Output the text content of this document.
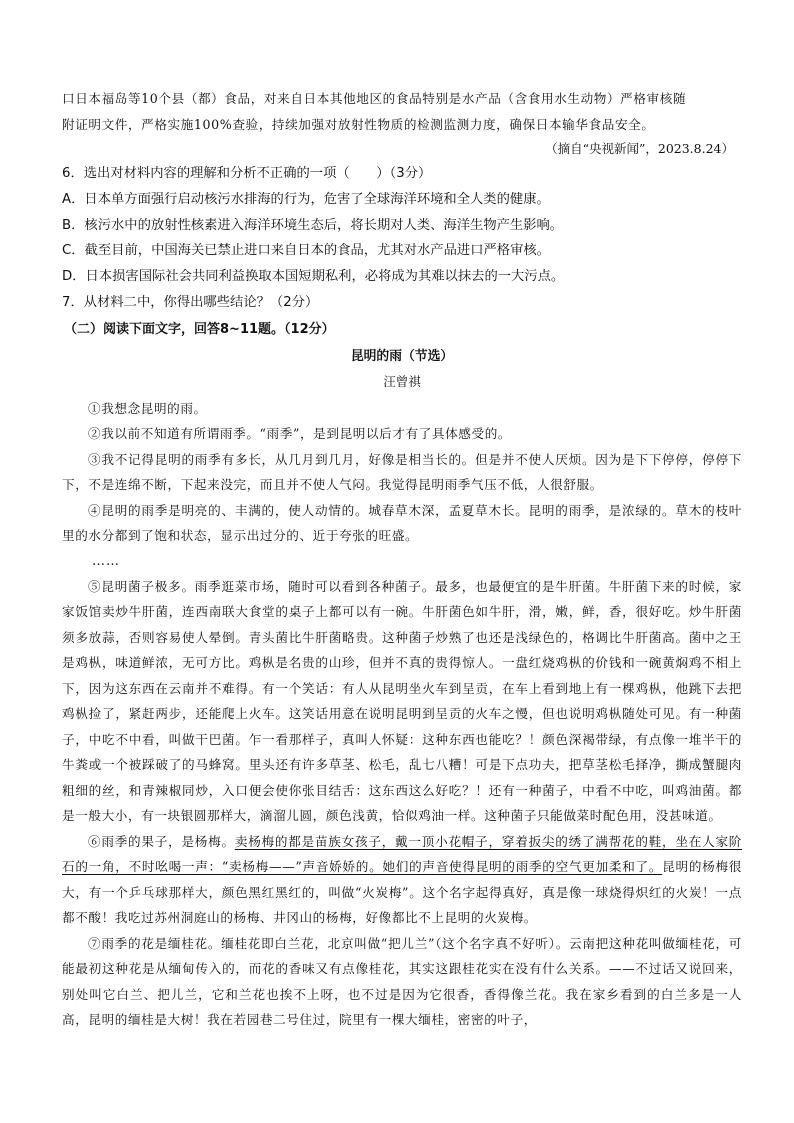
口日本福岛等10个县（都）食品，对来自日本其他地区的食品特别是水产品（含食用水生动物）严格审核随
附证明文件，严格实施100%查验，持续加强对放射性物质的检测监测力度，确保日本输华食品安全。

（摘自“央视新闻”，2023.8.24）

6．选出对材料内容的理解和分析不正确的一项（　　）（3分）

A．日本单方面强行启动核污水排海的行为，危害了全球海洋环境和全人类的健康。

B．核污水中的放射性核素进入海洋环境生态后，将长期对人类、海洋生物产生影响。

C．截至目前，中国海关已禁止进口来自日本的食品，尤其对水产品进口严格审核。

D．日本损害国际社会共同利益换取本国短期私利，必将成为其难以抹去的一大污点。

7．从材料二中，你得出哪些结论？（2分）

（二）阅读下面文字，回答8~11题。（12分）

昆明的雨（节选）

汪曾祺

①我想念昆明的雨。

②我以前不知道有所谓雨季。“雨季”，是到昆明以后才有了具体感受的。

③我不记得昆明的雨季有多长，从几月到几月，好像是相当长的。但是并不使人厌烦。因为是下下停停，停停下下，不是连绵不断，下起来没完，而且并不使人气闷。我觉得昆明雨季气压不低，人很舒服。

④昆明的雨季是明亮的、丰满的，使人动情的。城春草木深，孟夏草木长。昆明的雨季，是浓绿的。草木的枝叶里的水分都到了饱和状态，显示出过分的、近于夸张的旺盛。

……

⑤昆明菌子极多。雨季逛菜市场，随时可以看到各种菌子。最多，也最便宜的是牛肝菌。牛肝菌下来的时候，家家饭馆卖炒牛肝菌，连西南联大食堂的桌子上都可以有一碗。牛肝菌色如牛肝，滑，嫩，鲜，香，很好吃。炒牛肝菌须多放蒜，否则容易使人晕倒。青头菌比牛肝菌略贵。这种菌子炒熟了也还是浅绿色的，格调比牛肝菌高。菌中之王是鸡枞，味道鲜浓，无可方比。鸡枞是名贵的山珍，但并不真的贵得惊人。一盘红烧鸡枞的价钱和一碗黄焖鸡不相上下，因为这东西在云南并不难得。有一个笑话：有人从昆明坐火车到呈贡，在车上看到地上有一棵鸡枞，他跳下去把鸡枞捡了，紧赶两步，还能爬上火车。这笑话用意在说明昆明到呈贡的火车之慢，但也说明鸡枞随处可见。有一种菌子，中吃不中看，叫做干巴菌。乍一看那样子，真叫人怀疑：这种东西也能吃？！颜色深褐带绿，有点像一堆半干的牛粪或一个被踩破了的马蜂窝。里头还有许多草茎、松毛，乱七八糟！可是下点功夫，把草茎松毛择净，撕成蟹腿肉粗细的丝，和青辣椒同炒，入口便会使你张目结舌：这东西这么好吃？！还有一种菌子，中看不中吃，叫鸡油菌。都是一般大小，有一块银圆那样大，滴溜儿圆，颜色浅黄，恰似鸡油一样。这种菌子只能做菜时配色用，没甚味道。

⑥雨季的果子，是杨梅。卖杨梅的都是苗族女孩子，戴一顶小花帽子，穿着扳尖的绣了满帮花的鞋，坐在人家阶石的一角，不时吆喝一声：“卖杨梅——”声音娇娇的。她们的声音使得昆明的雨季的空气更加柔和了。昆明的杨梅很大，有一个乒乓球那样大，颜色黑红黑红的，叫做“火炭梅”。这个名字起得真好，真是像一球烧得炽红的火炭！一点都不酸！我吃过苏州洞庭山的杨梅、井冈山的杨梅，好像都比不上昆明的火炭梅。

⑦雨季的花是缅桂花。缅桂花即白兰花，北京叫做“把儿兰”（这个名字真不好听）。云南把这种花叫做缅桂花，可能最初这种花是从缅甸传入的，而花的香味又有点像桂花，其实这跟桂花实在没有什么关系。——不过话又说回来，别处叫它白兰、把儿兰，它和兰花也挨不上呀，也不过是因为它很香，香得像兰花。我在家乡看到的白兰多是一人高，昆明的缅桂是大树！我在若园巷二号住过，院里有一棵大缅桂，密密的叶子，
